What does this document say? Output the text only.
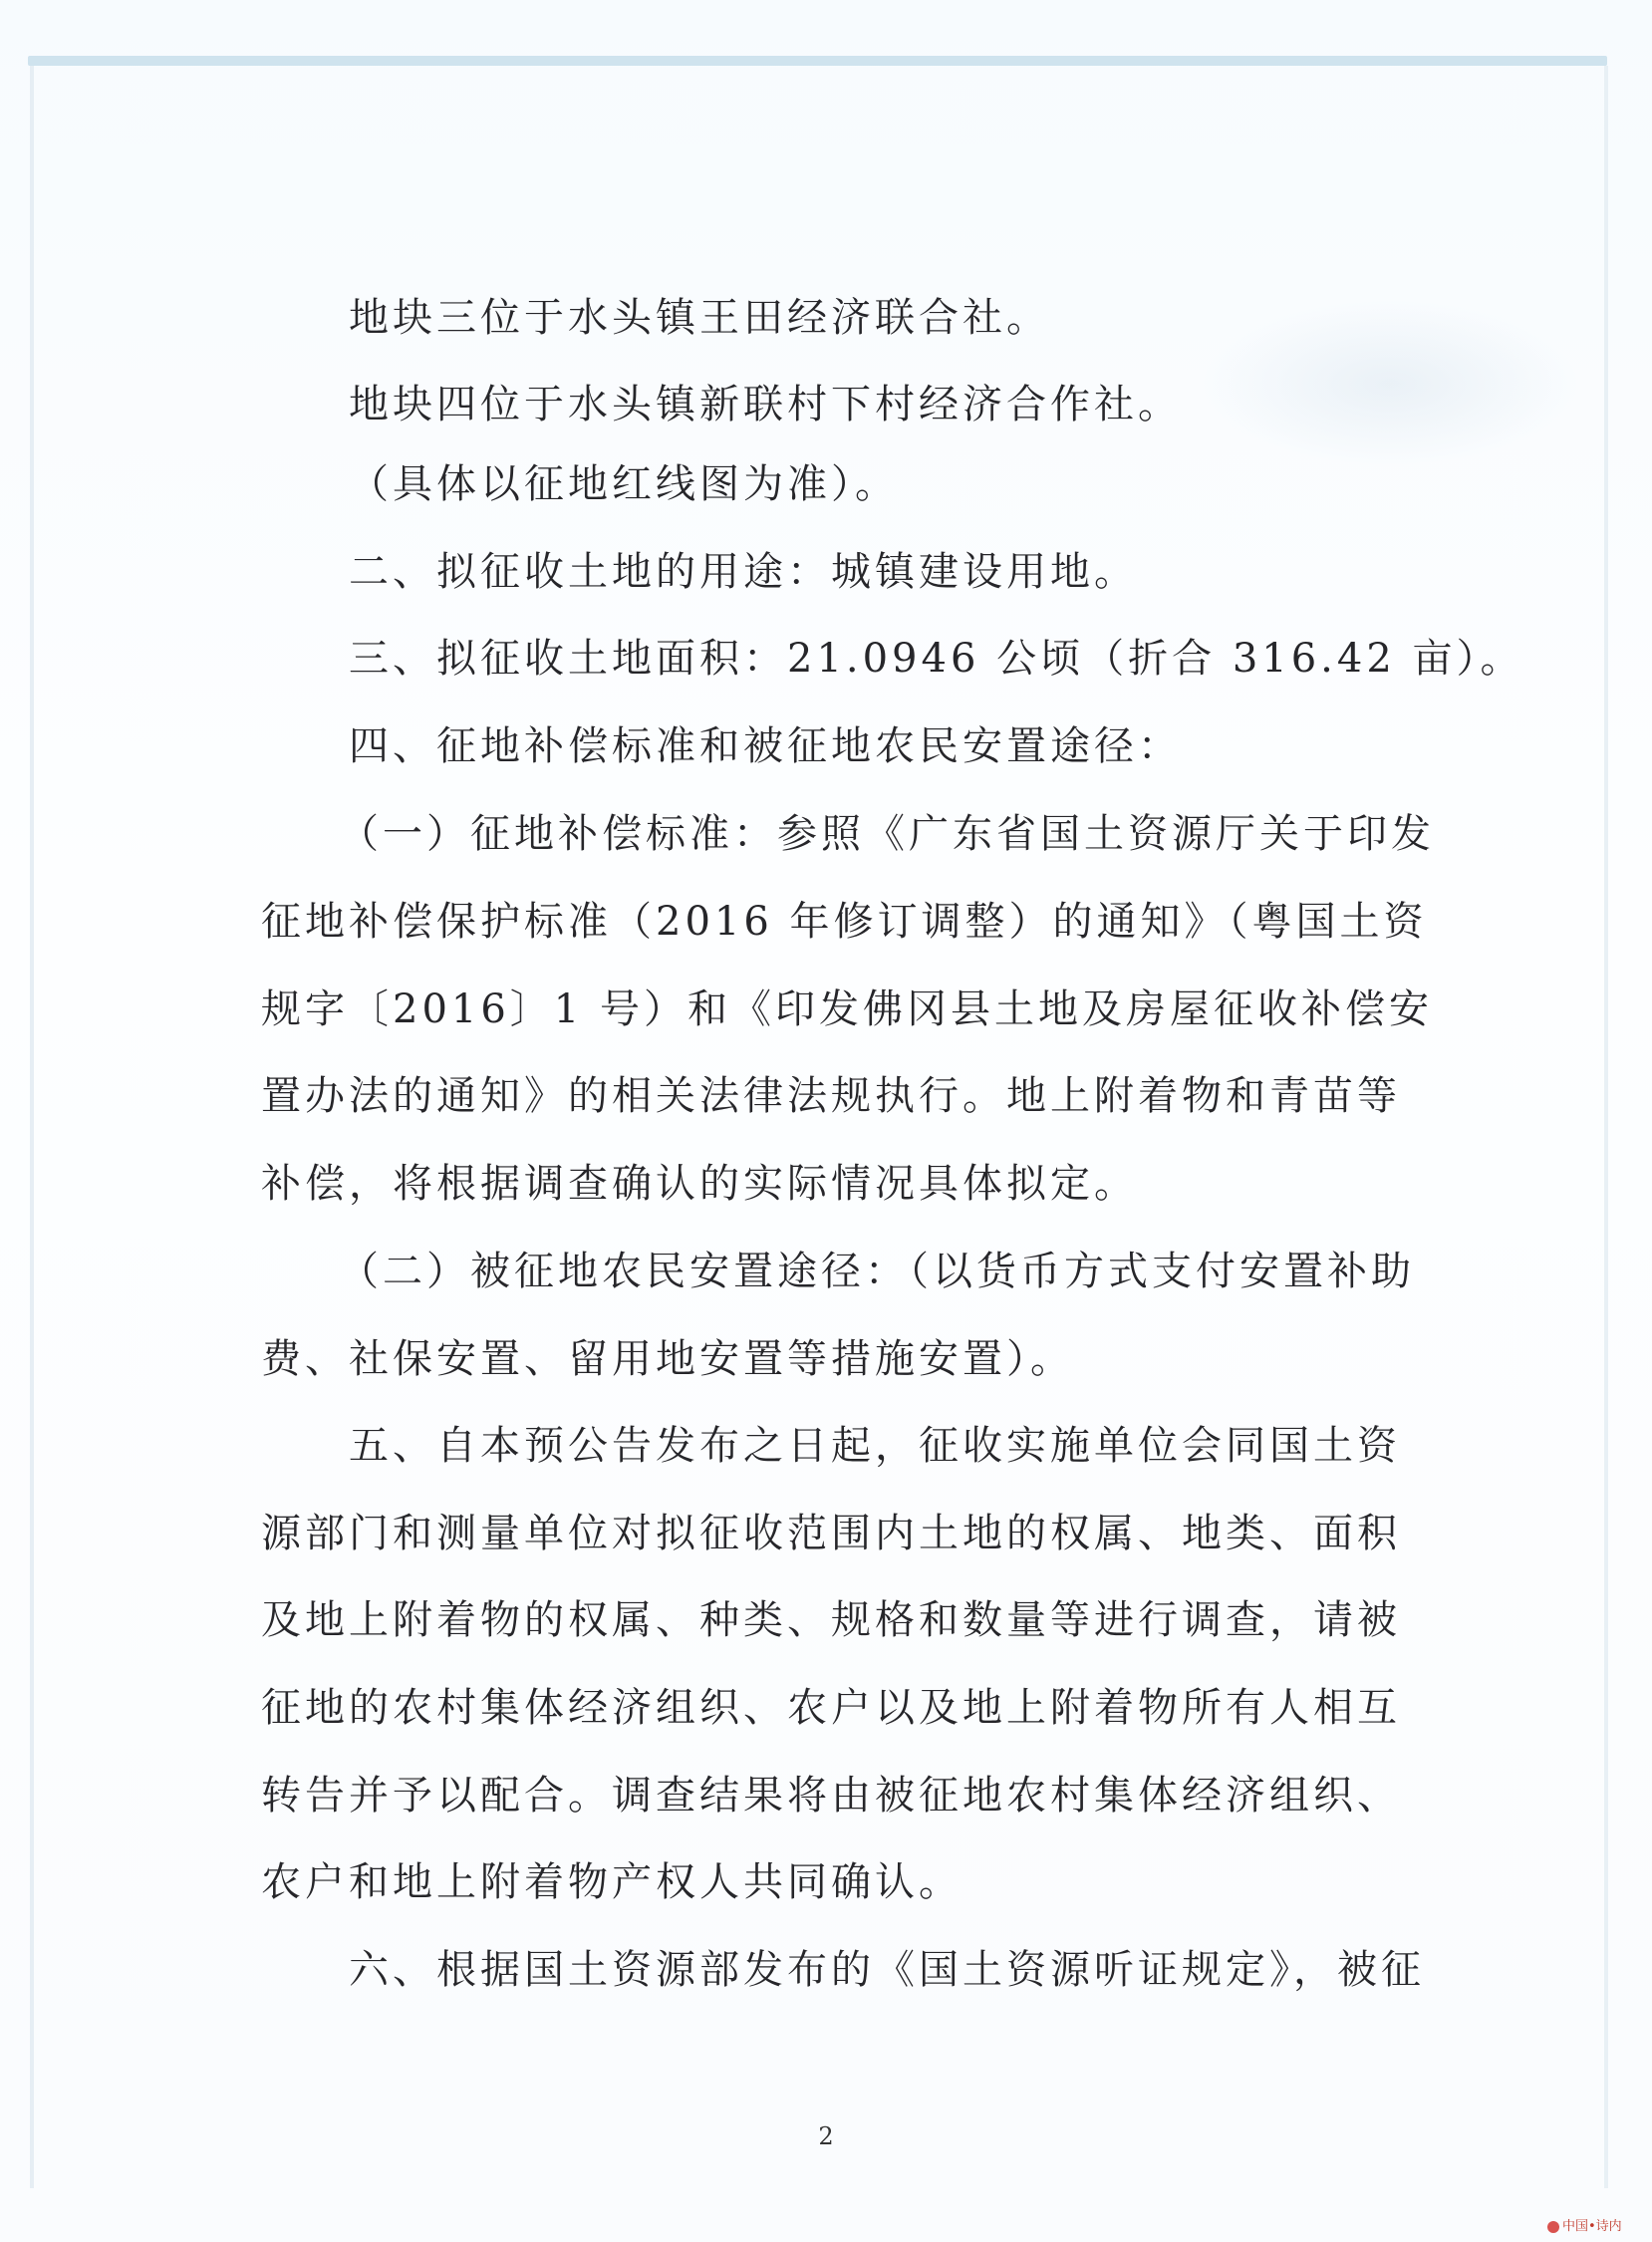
地块三位于水头镇王田经济联合社。
地块四位于水头镇新联村下村经济合作社。
（具体以征地红线图为准）。
二、拟征收土地的用途：城镇建设用地。
三、拟征收土地面积：21.0946 公顷（折合 316.42 亩）。
四、征地补偿标准和被征地农民安置途径：
（一）征地补偿标准：参照《广东省国土资源厅关于印发
征地补偿保护标准（2016 年修订调整）的通知》（粤国土资
规字〔2016〕1 号）和《印发佛冈县土地及房屋征收补偿安
置办法的通知》的相关法律法规执行。地上附着物和青苗等
补偿，将根据调查确认的实际情况具体拟定。
（二）被征地农民安置途径：（以货币方式支付安置补助
费、社保安置、留用地安置等措施安置）。
五、自本预公告发布之日起，征收实施单位会同国土资
源部门和测量单位对拟征收范围内土地的权属、地类、面积
及地上附着物的权属、种类、规格和数量等进行调查，请被
征地的农村集体经济组织、农户以及地上附着物所有人相互
转告并予以配合。调查结果将由被征地农村集体经济组织、
农户和地上附着物产权人共同确认。
六、根据国土资源部发布的《国土资源听证规定》，被征
2
中国•诗内
